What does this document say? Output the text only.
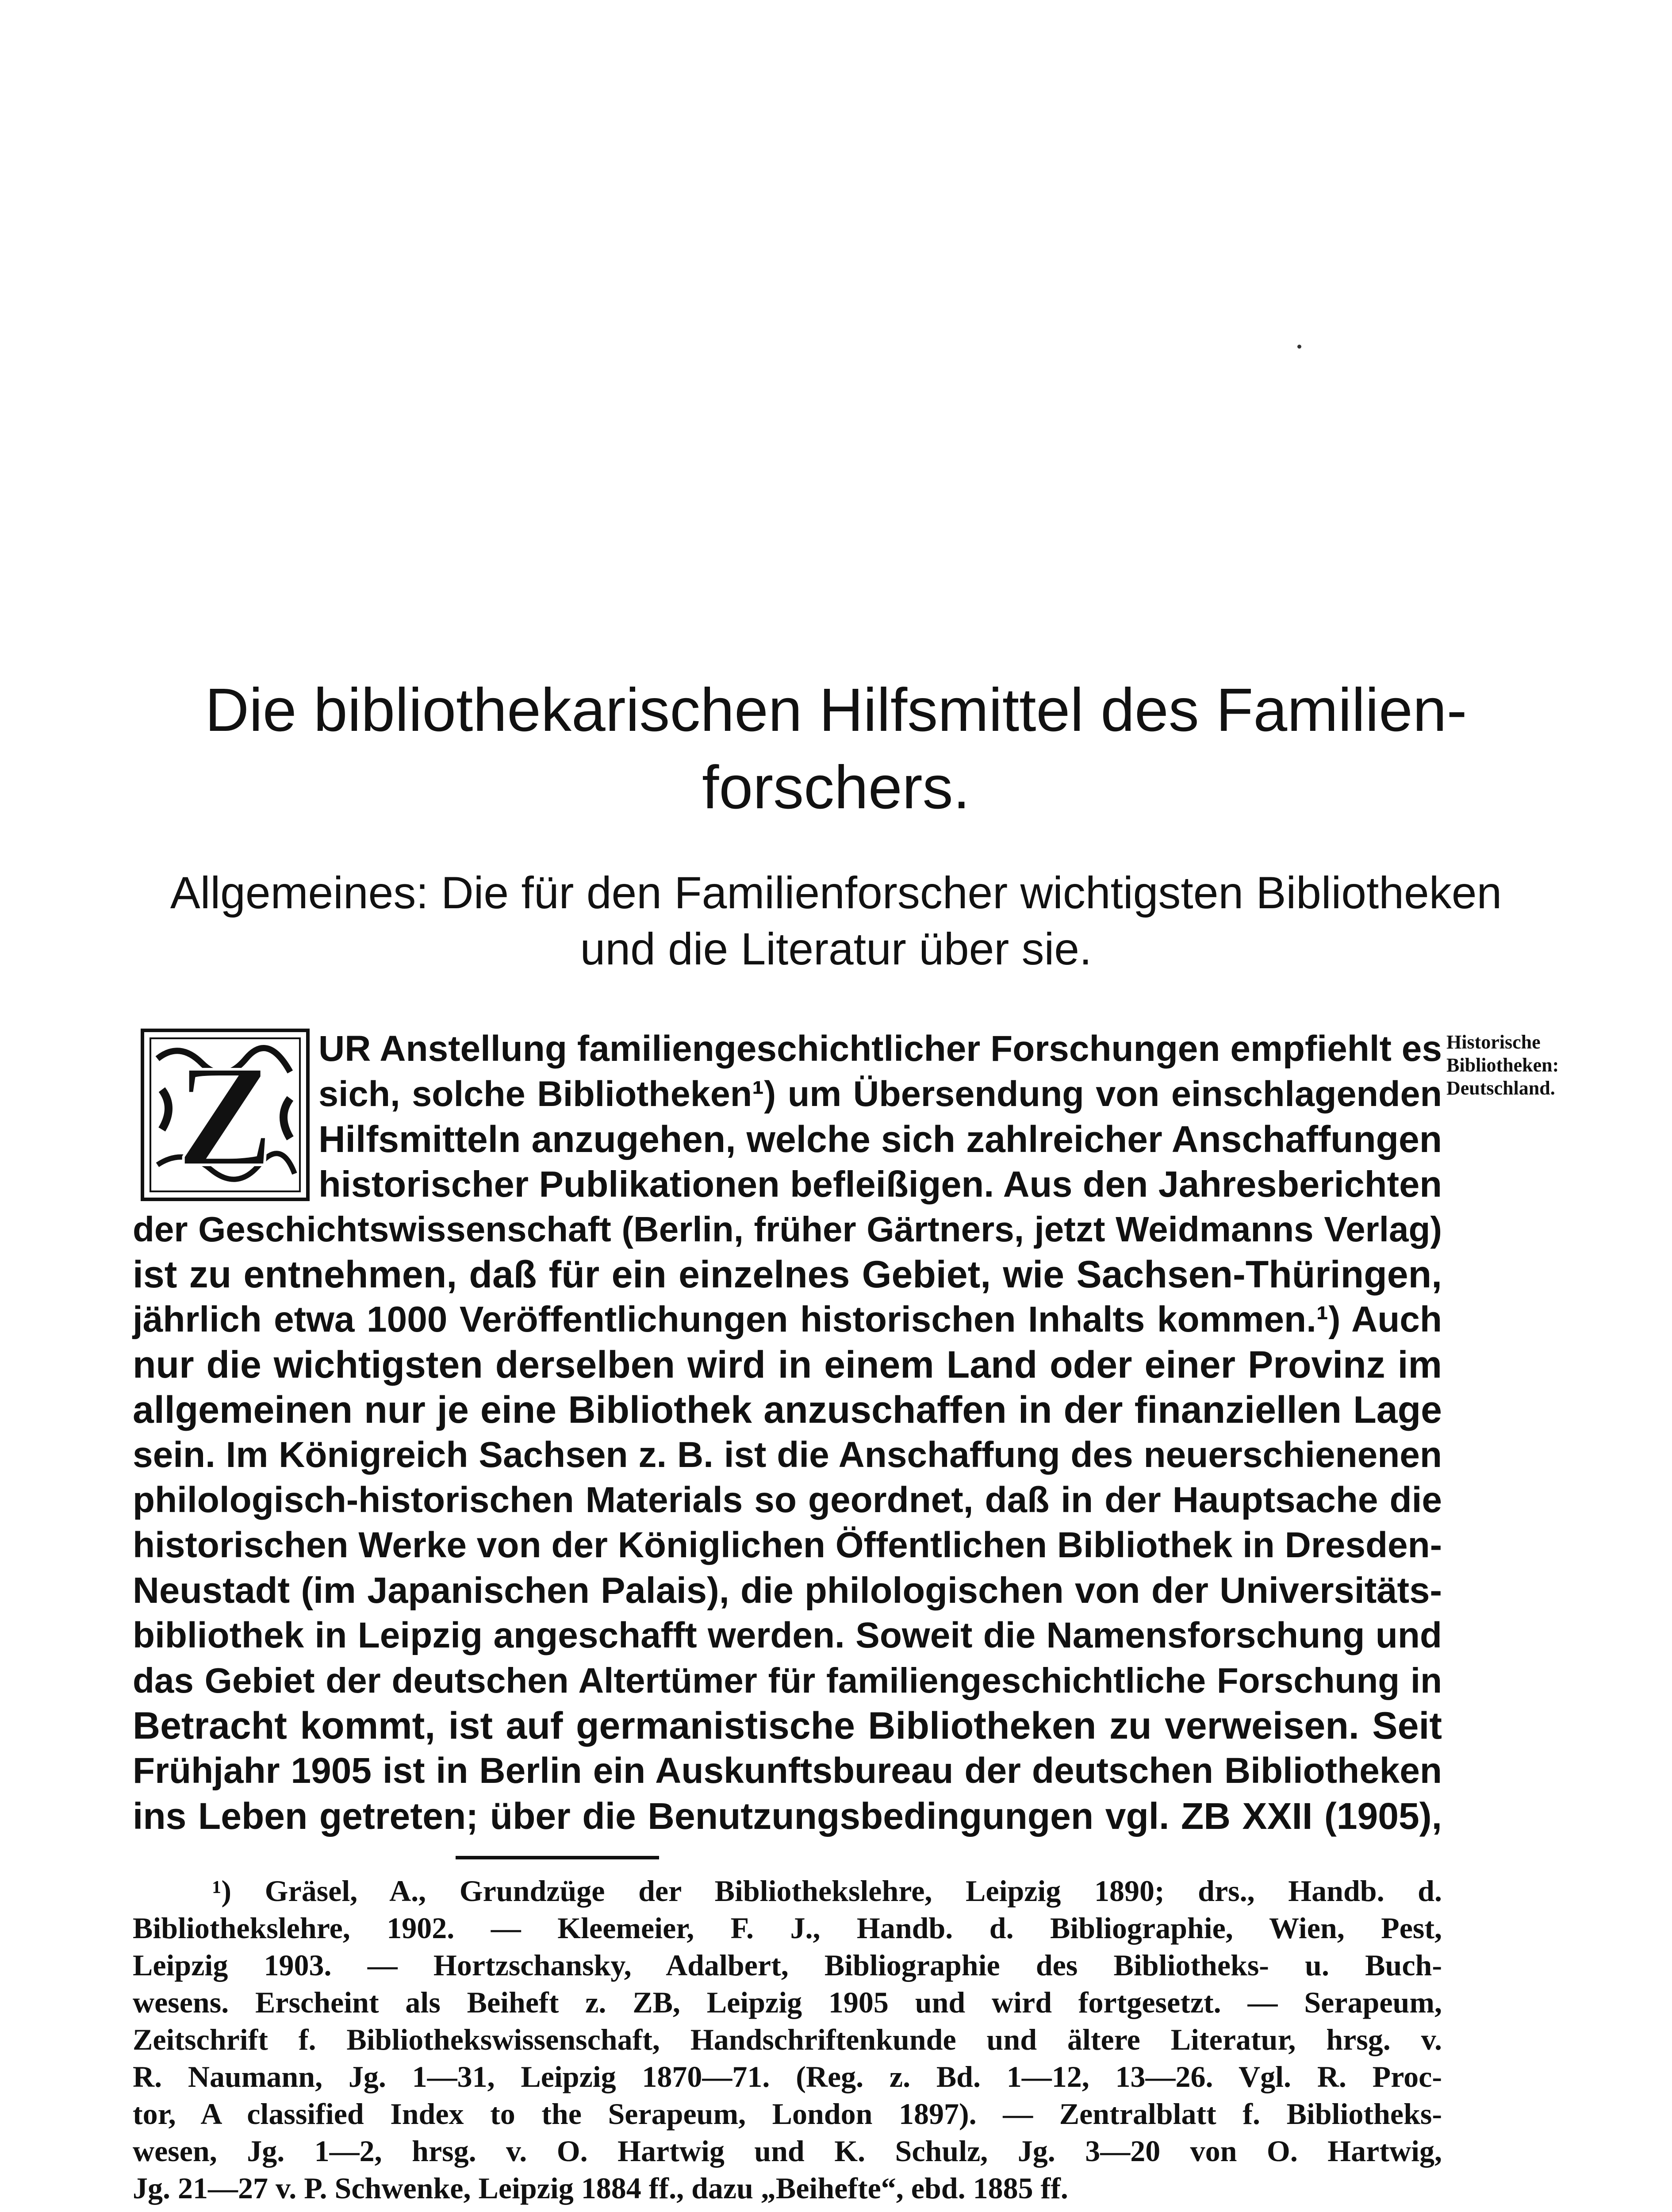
Die bibliothekarischen Hilfsmittel des Familien-
forschers.
Allgemeines: Die für den Familienforscher wichtigsten Bibliotheken
und die Literatur über sie.
Z	Historische
Bibliotheken:
Deutschland.
UR Anstellung familiengeschichtlicher Forschungen empfiehlt es
sich, solche Bibliotheken¹) um Übersendung von einschlagenden
Hilfsmitteln anzugehen, welche sich zahlreicher Anschaffungen
historischer Publikationen befleißigen. Aus den Jahresberichten
der Geschichtswissenschaft (Berlin, früher Gärtners, jetzt Weidmanns Verlag)
ist zu entnehmen, daß für ein einzelnes Gebiet, wie Sachsen-Thüringen,
jährlich etwa 1000 Veröffentlichungen historischen Inhalts kommen.¹) Auch
nur die wichtigsten derselben wird in einem Land oder einer Provinz im
allgemeinen nur je eine Bibliothek anzuschaffen in der finanziellen Lage
sein. Im Königreich Sachsen z. B. ist die Anschaffung des neuerschienenen
philologisch-historischen Materials so geordnet, daß in der Hauptsache die
historischen Werke von der Königlichen Öffentlichen Bibliothek in Dresden-
Neustadt (im Japanischen Palais), die philologischen von der Universitäts-
bibliothek in Leipzig angeschafft werden. Soweit die Namensforschung und
das Gebiet der deutschen Altertümer für familiengeschichtliche Forschung in
Betracht kommt, ist auf germanistische Bibliotheken zu verweisen. Seit
Frühjahr 1905 ist in Berlin ein Auskunftsbureau der deutschen Bibliotheken
ins Leben getreten; über die Benutzungsbedingungen vgl. ZB XXII (1905),
¹) Gräsel, A., Grundzüge der Bibliothekslehre, Leipzig 1890; drs., Handb. d.
Bibliothekslehre, 1902. — Kleemeier, F. J., Handb. d. Bibliographie, Wien, Pest,
Leipzig 1903. — Hortzschansky, Adalbert, Bibliographie des Bibliotheks- u. Buch-
wesens. Erscheint als Beiheft z. ZB, Leipzig 1905 und wird fortgesetzt. — Serapeum,
Zeitschrift f. Bibliothekswissenschaft, Handschriftenkunde und ältere Literatur, hrsg. v.
R. Naumann, Jg. 1—31, Leipzig 1870—71. (Reg. z. Bd. 1—12, 13—26. Vgl. R. Proc-
tor, A classified Index to the Serapeum, London 1897). — Zentralblatt f. Bibliotheks-
wesen, Jg. 1—2, hrsg. v. O. Hartwig und K. Schulz, Jg. 3—20 von O. Hartwig,
Jg. 21—27 v. P. Schwenke, Leipzig 1884 ff., dazu „Beihefte“, ebd. 1885 ff.
